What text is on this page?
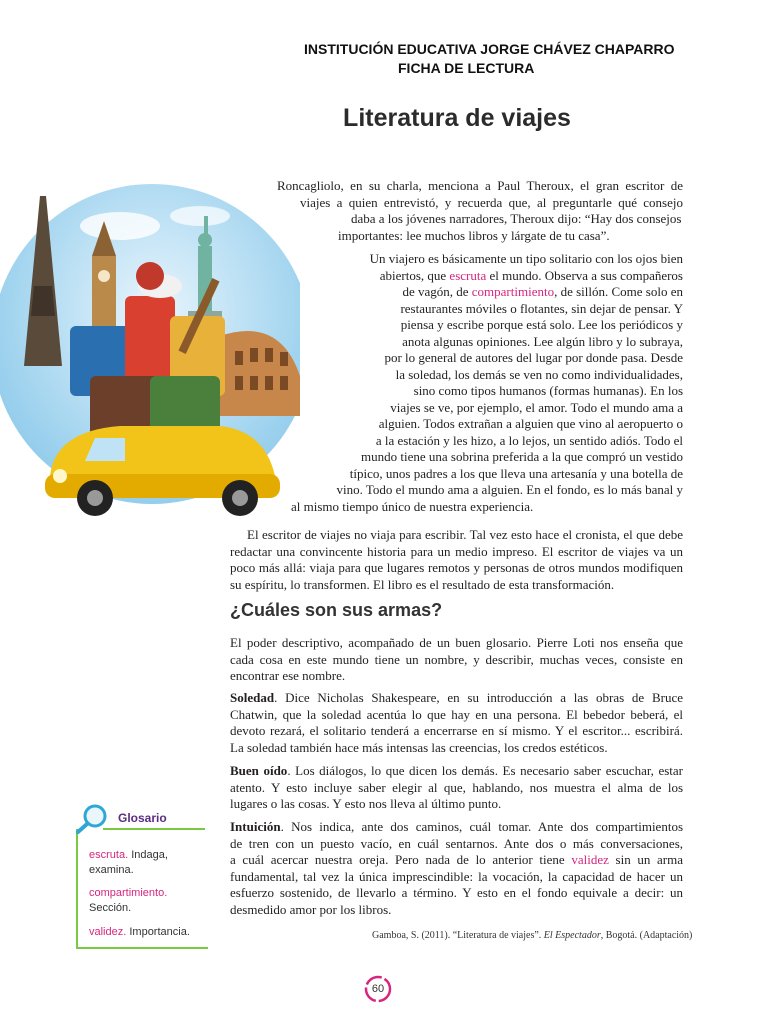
INSTITUCIÓN EDUCATIVA JORGE CHÁVEZ CHAPARRO
FICHA DE LECTURA
Literatura de viajes
Roncagliolo, en su charla, menciona a Paul Theroux, el gran escritor de
viajes a quien entrevistó, y recuerda que, al preguntarle qué consejo
daba a los jóvenes narradores, Theroux dijo: “Hay dos consejos
importantes: lee muchos libros y lárgate de tu casa”.
Un viajero es básicamente un tipo solitario con los ojos bien
abiertos, que escruta el mundo. Observa a sus compañeros
de vagón, de compartimiento, de sillón. Come solo en
restaurantes móviles o flotantes, sin dejar de pensar. Y
piensa y escribe porque está solo. Lee los periódicos y
anota algunas opiniones. Lee algún libro y lo subraya,
por lo general de autores del lugar por donde pasa. Desde
la soledad, los demás se ven no como individualidades,
sino como tipos humanos (formas humanas). En los
viajes se ve, por ejemplo, el amor. Todo el mundo ama a
alguien. Todos extrañan a alguien que vino al aeropuerto o
a la estación y les hizo, a lo lejos, un sentido adiós. Todo el
mundo tiene una sobrina preferida a la que compró un vestido
típico, unos padres a los que lleva una artesanía y una botella de
vino. Todo el mundo ama a alguien. En el fondo, es lo más banal y
al mismo tiempo único de nuestra experiencia.
El escritor de viajes no viaja para escribir. Tal vez esto hace el cronista, el que debe
redactar una convincente historia para un medio impreso. El escritor de viajes va un
poco más allá: viaja para que lugares remotos y personas de otros mundos modifiquen
su espíritu, lo transformen. El libro es el resultado de esta transformación.
¿Cuáles son sus armas?
El poder descriptivo, acompañado de un buen glosario. Pierre Loti nos enseña que
cada cosa en este mundo tiene un nombre, y describir, muchas veces, consiste en
encontrar ese nombre.
Soledad. Dice Nicholas Shakespeare, en su introducción a las obras de Bruce
Chatwin, que la soledad acentúa lo que hay en una persona. El bebedor beberá, el
devoto rezará, el solitario tenderá a encerrarse en sí mismo. Y el escritor... escribirá.
La soledad también hace más intensas las creencias, los credos estéticos.
Buen oído. Los diálogos, lo que dicen los demás. Es necesario saber escuchar, estar
atento. Y esto incluye saber elegir al que, hablando, nos muestra el alma de los
lugares o las cosas. Y esto nos lleva al último punto.
Intuición. Nos indica, ante dos caminos, cuál tomar. Ante dos compartimientos
de tren con un puesto vacío, en cuál sentarnos. Ante dos o más conversaciones,
a cuál acercar nuestra oreja. Pero nada de lo anterior tiene validez sin un arma
fundamental, tal vez la única imprescindible: la vocación, la capacidad de hacer un
esfuerzo sostenido, de llevarlo a término. Y esto en el fondo equivale a decir: un
desmedido amor por los libros.
Gamboa, S. (2011). “Literatura de viajes”. El Espectador, Bogotá. (Adaptación)
Glosario
escruta. Indaga, examina.
compartimiento. Sección.
validez. Importancia.
60
